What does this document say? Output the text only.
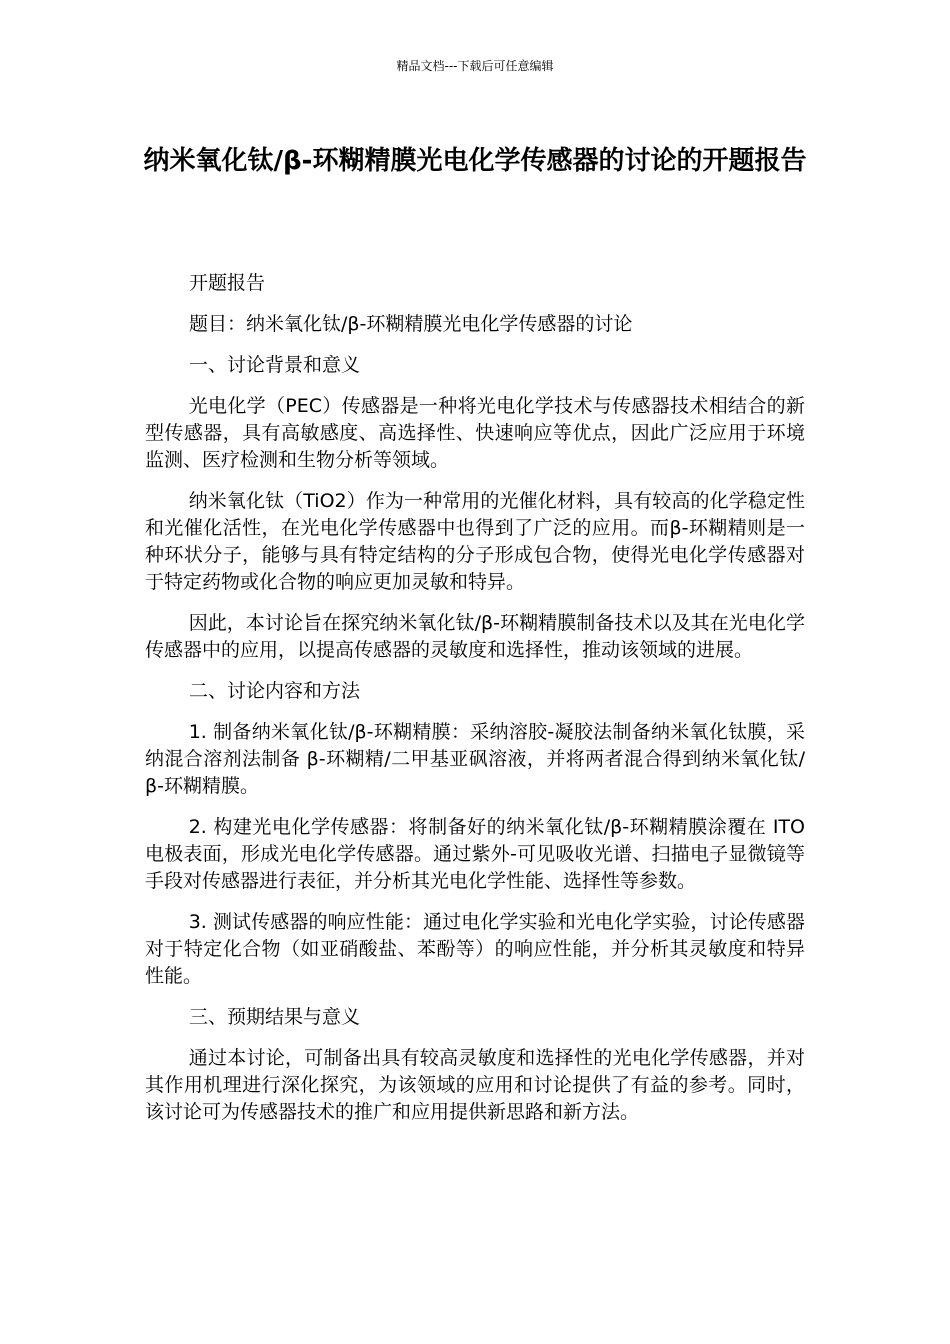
精品文档---下载后可任意编辑
纳米氧化钛/β-环糊精膜光电化学传感器的讨论的开题报告

开题报告

题目：纳米氧化钛/β-环糊精膜光电化学传感器的讨论

一、讨论背景和意义

光电化学（PEC）传感器是一种将光电化学技术与传感器技术相结合的新型传感器，具有高敏感度、高选择性、快速响应等优点，因此广泛应用于环境监测、医疗检测和生物分析等领域。

纳米氧化钛（TiO2）作为一种常用的光催化材料，具有较高的化学稳定性和光催化活性，在光电化学传感器中也得到了广泛的应用。而β-环糊精则是一种环状分子，能够与具有特定结构的分子形成包合物，使得光电化学传感器对于特定药物或化合物的响应更加灵敏和特异。

因此，本讨论旨在探究纳米氧化钛/β-环糊精膜制备技术以及其在光电化学传感器中的应用，以提高传感器的灵敏度和选择性，推动该领域的进展。

二、讨论内容和方法

1. 制备纳米氧化钛/β-环糊精膜：采纳溶胶-凝胶法制备纳米氧化钛膜，采纳混合溶剂法制备 β-环糊精/二甲基亚砜溶液，并将两者混合得到纳米氧化钛/β-环糊精膜。

2. 构建光电化学传感器：将制备好的纳米氧化钛/β-环糊精膜涂覆在 ITO 电极表面，形成光电化学传感器。通过紫外-可见吸收光谱、扫描电子显微镜等手段对传感器进行表征，并分析其光电化学性能、选择性等参数。

3. 测试传感器的响应性能：通过电化学实验和光电化学实验，讨论传感器对于特定化合物（如亚硝酸盐、苯酚等）的响应性能，并分析其灵敏度和特异性能。

三、预期结果与意义

通过本讨论，可制备出具有较高灵敏度和选择性的光电化学传感器，并对其作用机理进行深化探究，为该领域的应用和讨论提供了有益的参考。同时，该讨论可为传感器技术的推广和应用提供新思路和新方法。
